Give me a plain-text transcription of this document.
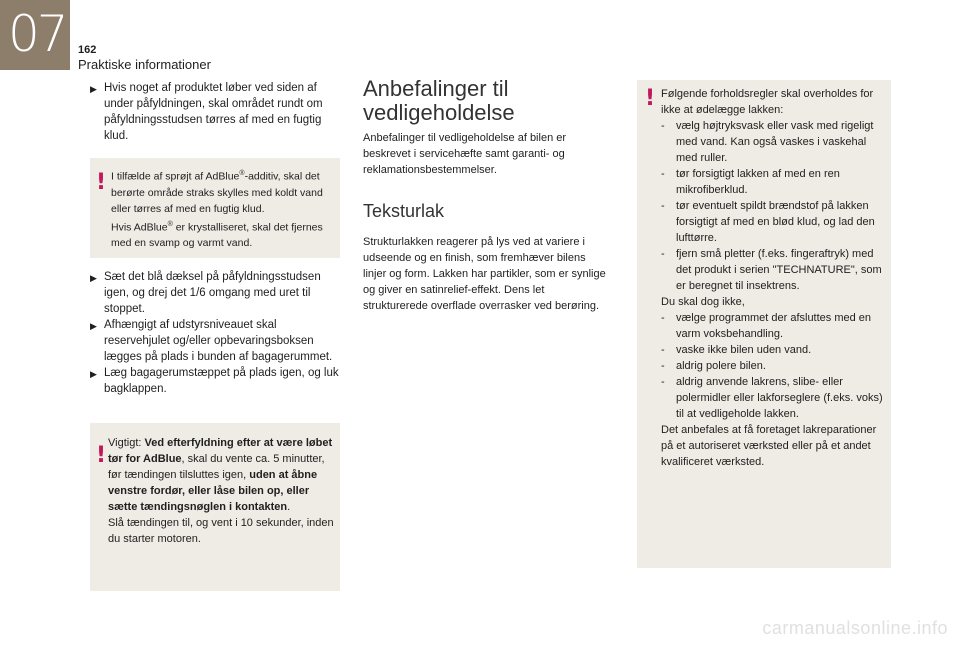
07 162
Praktiske informationer
▶ Hvis noget af produktet løber ved siden af under påfyldningen, skal området rundt om påfyldningsstudsen tørres af med en fugtig klud.
! I tilfælde af sprøjt af AdBlue®-additiv, skal det berørte område straks skylles med koldt vand eller tørres af med en fugtig klud.
Hvis AdBlue® er krystalliseret, skal det fjernes med en svamp og varmt vand.
▶ Sæt det blå dæksel på påfyldningsstudsen igen, og drej det 1/6 omgang med uret til stoppet.
▶ Afhængigt af udstyrsniveauet skal reservehjulet og/eller opbevaringsboksen lægges på plads i bunden af bagagerummet.
▶ Læg bagagerumstæppet på plads igen, og luk bagklappen.
! Vigtigt: Ved efterfyldning efter at være løbet tør for AdBlue, skal du vente ca. 5 minutter, før tændingen tilsluttes igen, uden at åbne venstre fordør, eller låse bilen op, eller sætte tændingsnøglen i kontakten.
Slå tændingen til, og vent i 10 sekunder, inden du starter motoren.
Anbefalinger til vedligeholdelse
Anbefalinger til vedligeholdelse af bilen er beskrevet i servicehæfte samt garanti- og reklamationsbestemmelser.
Teksturlak
Strukturlakken reagerer på lys ved at variere i udseende og en finish, som fremhæver bilens linjer og form. Lakken har partikler, som er synlige og giver en satinrelief-effekt. Dens let strukturerede overflade overrasker ved berøring.
! Følgende forholdsregler skal overholdes for ikke at ødelægge lakken:
- vælg højtryksvask eller vask med rigeligt med vand. Kan også vaskes i vaskehal med ruller.
- tør forsigtigt lakken af med en ren mikrofiberklud.
- tør eventuelt spildt brændstof på lakken forsigtigt af med en blød klud, og lad den lufttørre.
- fjern små pletter (f.eks. fingeraftryk) med det produkt i serien "TECHNATURE", som er beregnet til insektrens.
Du skal dog ikke,
- vælge programmet der afsluttes med en varm voksbehandling.
- vaske ikke bilen uden vand.
- aldrig polere bilen.
- aldrig anvende lakrens, slibe- eller polermidler eller lakforseglere (f.eks. voks) til at vedligeholde lakken.
Det anbefales at få foretaget lakreparationer på et autoriseret værksted eller på et andet kvalificeret værksted.
carmanualsonline.info
